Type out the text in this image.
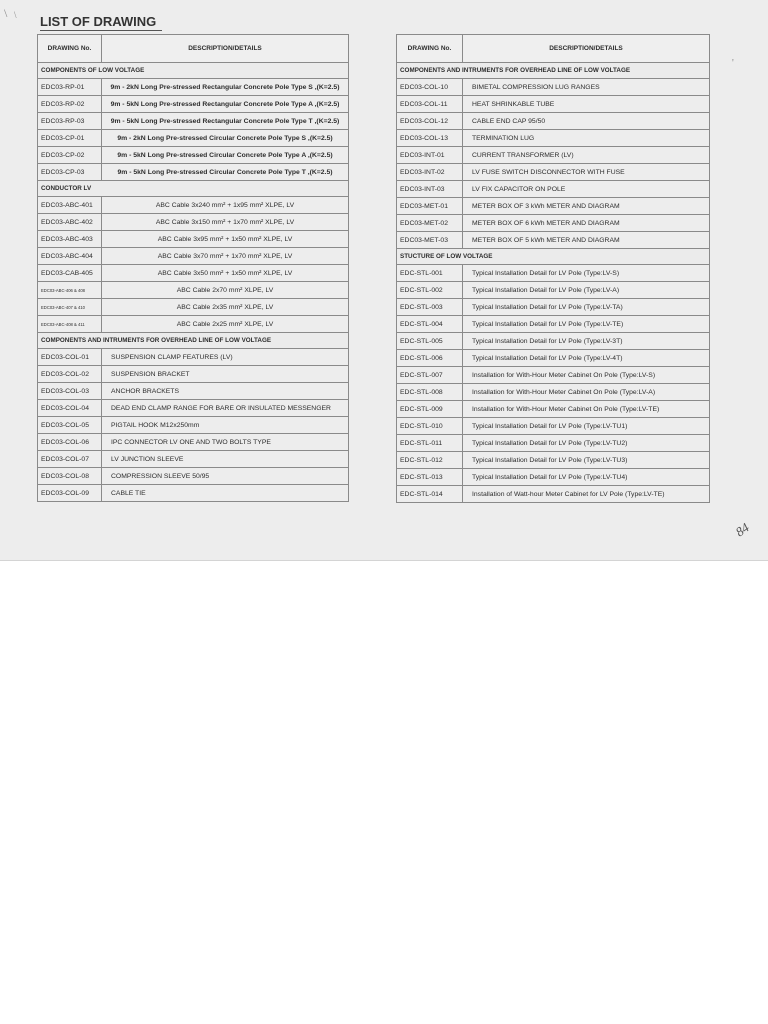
\ \
'
LIST OF DRAWING
DRAWING No.	DESCRIPTION/DETAILS
COMPONENTS OF LOW VOLTAGE	
EDC03-RP-01	9m - 2kN Long Pre-stressed Rectangular Concrete Pole Type S ,(K=2.5)
EDC03-RP-02	9m - 5kN Long Pre-stressed Rectangular Concrete Pole Type A ,(K=2.5)
EDC03-RP-03	9m - 5kN Long Pre-stressed Rectangular Concrete Pole Type T ,(K=2.5)
EDC03-CP-01	9m - 2kN Long Pre-stressed Circular Concrete Pole Type S ,(K=2.5)
EDC03-CP-02	9m - 5kN Long Pre-stressed Circular Concrete Pole Type A ,(K=2.5)
EDC03-CP-03	9m - 5kN Long Pre-stressed Circular Concrete Pole Type T ,(K=2.5)
CONDUCTOR LV	
EDC03-ABC-401	ABC Cable 3x240 mm² + 1x95 mm² XLPE, LV
EDC03-ABC-402	ABC Cable 3x150 mm² + 1x70 mm² XLPE, LV
EDC03-ABC-403	ABC Cable 3x95 mm² + 1x50 mm² XLPE, LV
EDC03-ABC-404	ABC Cable 3x70 mm² + 1x70 mm² XLPE, LV
EDC03-CAB-405	ABC Cable 3x50 mm² + 1x50 mm² XLPE, LV
EDC03-ABC-406 & 408	ABC Cable 2x70 mm² XLPE, LV
EDC03-ABC-407 & 410	ABC Cable 2x35 mm² XLPE, LV
EDC03-ABC-408 & 411	ABC Cable 2x25 mm² XLPE, LV
COMPONENTS AND INTRUMENTS FOR OVERHEAD LINE OF LOW VOLTAGE	
EDC03-COL-01	SUSPENSION CLAMP FEATURES (LV)
EDC03-COL-02	SUSPENSION BRACKET
EDC03-COL-03	ANCHOR BRACKETS
EDC03-COL-04	DEAD END CLAMP RANGE FOR BARE OR INSULATED MESSENGER
EDC03-COL-05	PIGTAIL HOOK M12x250mm
EDC03-COL-06	IPC CONNECTOR LV ONE AND TWO BOLTS TYPE
EDC03-COL-07	LV JUNCTION SLEEVE
EDC03-COL-08	COMPRESSION SLEEVE 50/95
EDC03-COL-09	CABLE TIE
DRAWING No.	DESCRIPTION/DETAILS
COMPONENTS AND INTRUMENTS FOR OVERHEAD LINE OF LOW VOLTAGE	
EDC03-COL-10	BIMETAL COMPRESSION LUG RANGES
EDC03-COL-11	HEAT SHRINKABLE TUBE
EDC03-COL-12	CABLE END CAP 95/50
EDC03-COL-13	TERMINATION LUG
EDC03-INT-01	CURRENT TRANSFORMER (LV)
EDC03-INT-02	LV FUSE SWITCH DISCONNECTOR WITH FUSE
EDC03-INT-03	LV FIX CAPACITOR ON POLE
EDC03-MET-01	METER BOX OF 3 kWh METER AND DIAGRAM
EDC03-MET-02	METER BOX OF 6 kWh METER AND DIAGRAM
EDC03-MET-03	METER BOX OF 5 kWh METER AND DIAGRAM
STUCTURE OF LOW VOLTAGE	
EDC-STL-001	Typical Installation Detail for LV Pole (Type:LV-S)
EDC-STL-002	Typical Installation Detail for LV Pole (Type:LV-A)
EDC-STL-003	Typical Installation Detail for LV Pole (Type:LV-TA)
EDC-STL-004	Typical Installation Detail for LV Pole (Type:LV-TE)
EDC-STL-005	Typical Installation Detail for LV Pole (Type:LV-3T)
EDC-STL-006	Typical Installation Detail for LV Pole (Type:LV-4T)
EDC-STL-007	Installation for With-Hour Meter Cabinet On Pole (Type:LV-S)
EDC-STL-008	Installation for With-Hour Meter Cabinet On Pole (Type:LV-A)
EDC-STL-009	Installation for With-Hour Meter Cabinet On Pole (Type:LV-TE)
EDC-STL-010	Typical Installation Detail for LV Pole (Type:LV-TU1)
EDC-STL-011	Typical Installation Detail for LV Pole (Type:LV-TU2)
EDC-STL-012	Typical Installation Detail for LV Pole (Type:LV-TU3)
EDC-STL-013	Typical Installation Detail for LV Pole (Type:LV-TU4)
EDC-STL-014	Installation of Watt-hour Meter Cabinet for LV Pole (Type:LV-TE)
84
